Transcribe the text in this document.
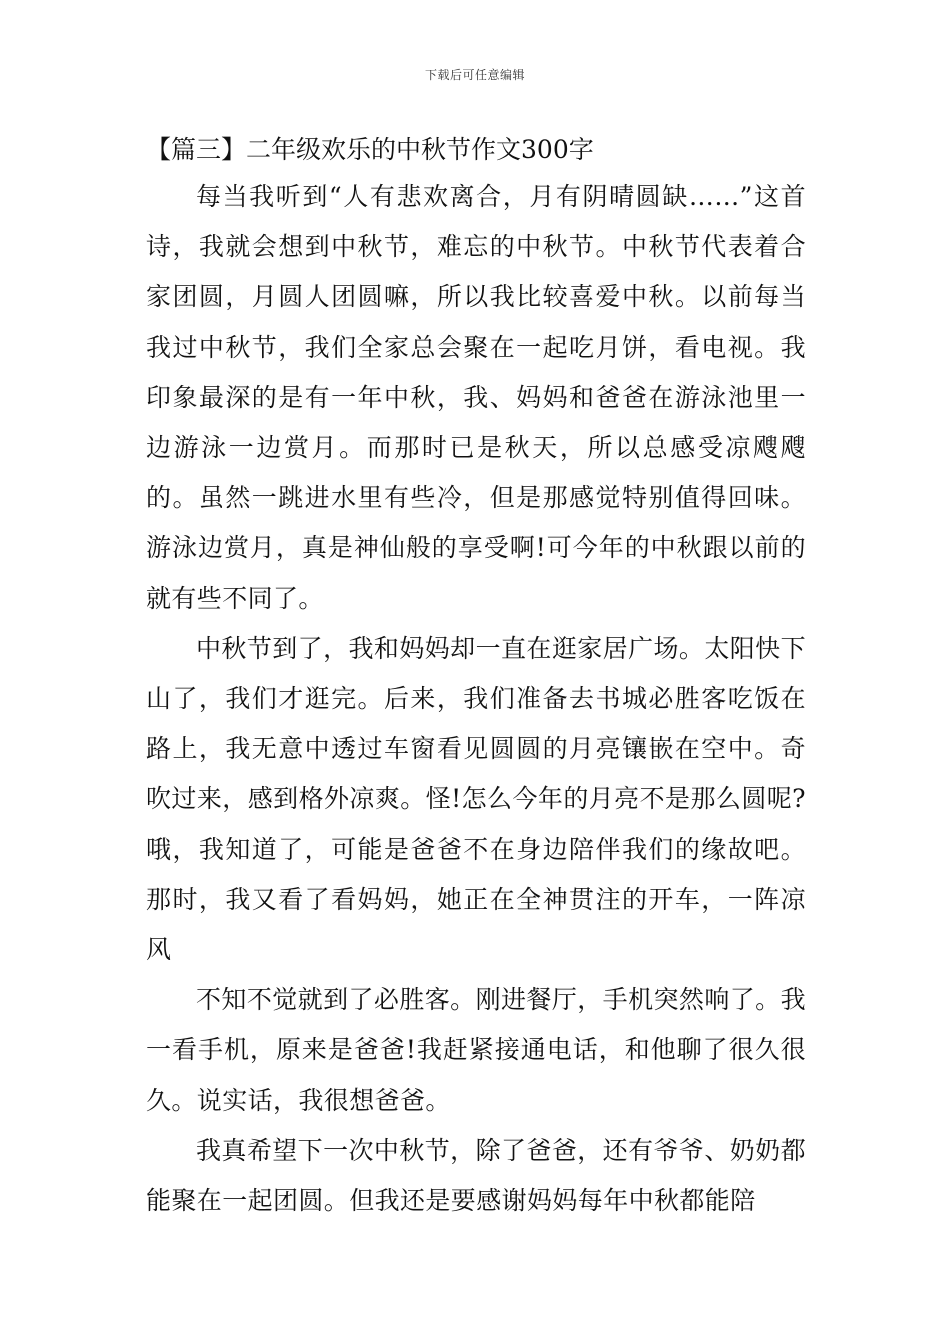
下载后可任意编辑
【篇三】二年级欢乐的中秋节作文300字

每当我听到“人有悲欢离合，月有阴晴圆缺……”这首诗，我就会想到中秋节，难忘的中秋节。中秋节代表着合家团圆，月圆人团圆嘛，所以我比较喜爱中秋。以前每当我过中秋节，我们全家总会聚在一起吃月饼，看电视。我印象最深的是有一年中秋，我、妈妈和爸爸在游泳池里一边游泳一边赏月。而那时已是秋天，所以总感受凉飕飕的。虽然一跳进水里有些冷，但是那感觉特别值得回味。游泳边赏月，真是神仙般的享受啊!可今年的中秋跟以前的就有些不同了。

中秋节到了，我和妈妈却一直在逛家居广场。太阳快下山了，我们才逛完。后来，我们准备去书城必胜客吃饭在路上，我无意中透过车窗看见圆圆的月亮镶嵌在空中。奇吹过来，感到格外凉爽。怪!怎么今年的月亮不是那么圆呢?哦，我知道了，可能是爸爸不在身边陪伴我们的缘故吧。那时，我又看了看妈妈，她正在全神贯注的开车，一阵凉风

不知不觉就到了必胜客。刚进餐厅，手机突然响了。我一看手机，原来是爸爸!我赶紧接通电话，和他聊了很久很久。说实话，我很想爸爸。

我真希望下一次中秋节，除了爸爸，还有爷爷、奶奶都能聚在一起团圆。但我还是要感谢妈妈每年中秋都能陪
